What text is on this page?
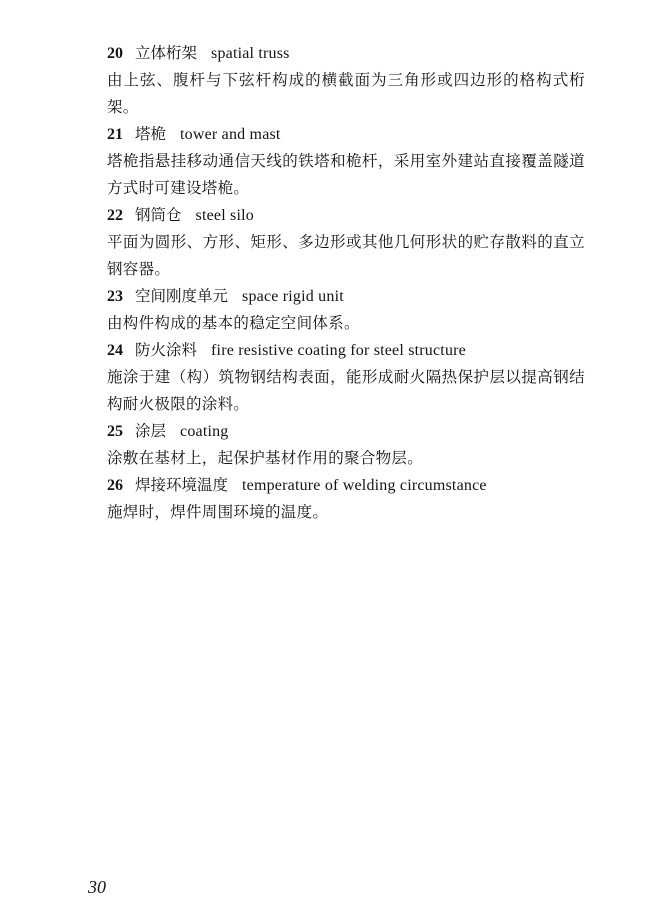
20 立体桁架 spatial truss
由上弦、腹杆与下弦杆构成的横截面为三角形或四边形的格构式桁架。
21 塔桅 tower and mast
塔桅指悬挂移动通信天线的铁塔和桅杆，采用室外建站直接覆盖隧道方式时可建设塔桅。
22 钢筒仓 steel silo
平面为圆形、方形、矩形、多边形或其他几何形状的贮存散料的直立钢容器。
23 空间刚度单元 space rigid unit
由构件构成的基本的稳定空间体系。
24 防火涂料 fire resistive coating for steel structure
施涂于建（构）筑物钢结构表面，能形成耐火隔热保护层以提高钢结构耐火极限的涂料。
25 涂层 coating
涂敷在基材上，起保护基材作用的聚合物层。
26 焊接环境温度 temperature of welding circumstance
施焊时，焊件周围环境的温度。
30
